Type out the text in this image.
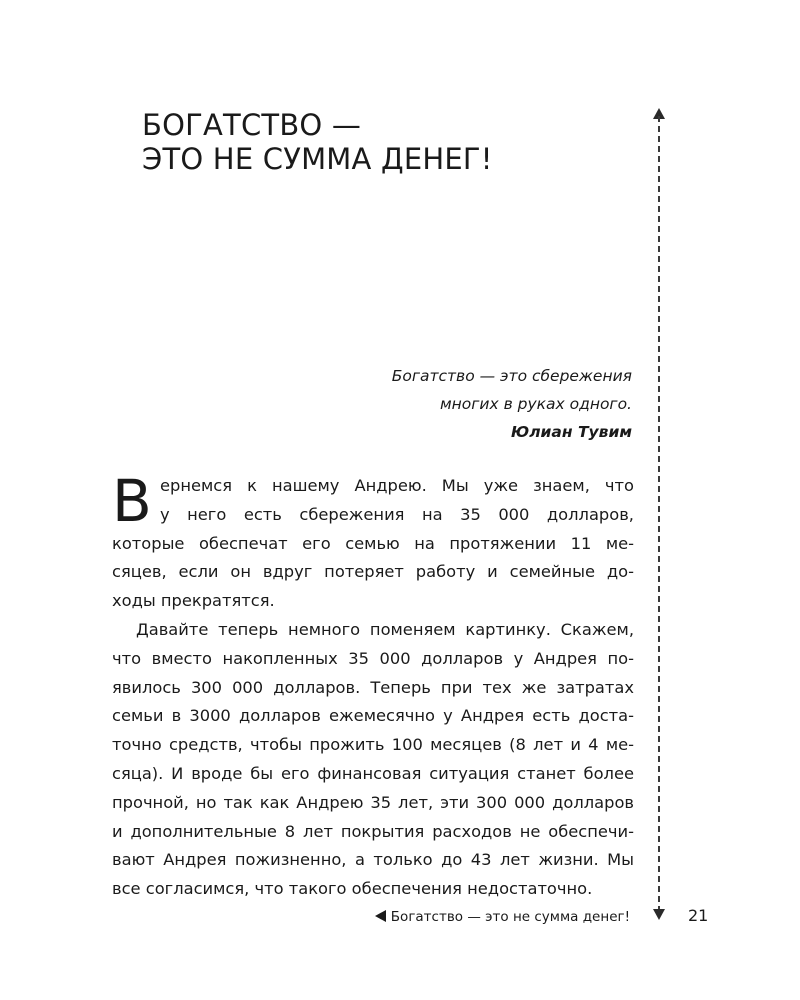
БОГАТСТВО —
ЭТО НЕ СУММА ДЕНЕГ!
Богатство — это сбережения
многих в руках одного.
Юлиан Тувим
В ернемся к нашему Андрею. Мы уже знаем, что
у него есть сбережения на 35 000 долларов,
которые обеспечат его семью на протяжении 11 ме-
сяцев, если он вдруг потеряет работу и семейные до-
ходы прекратятся.
Давайте теперь немного поменяем картинку. Скажем,
что вместо накопленных 35 000 долларов у Андрея по-
явилось 300 000 долларов. Теперь при тех же затратах
семьи в 3000 долларов ежемесячно у Андрея есть доста-
точно средств, чтобы прожить 100 месяцев (8 лет и 4 ме-
сяца). И вроде бы его финансовая ситуация станет более
прочной, но так как Андрею 35 лет, эти 300 000 долларов
и дополнительные 8 лет покрытия расходов не обеспечи-
вают Андрея пожизненно, а только до 43 лет жизни. Мы
все согласимся, что такого обеспечения недостаточно.
Богатство — это не сумма денег!	21
